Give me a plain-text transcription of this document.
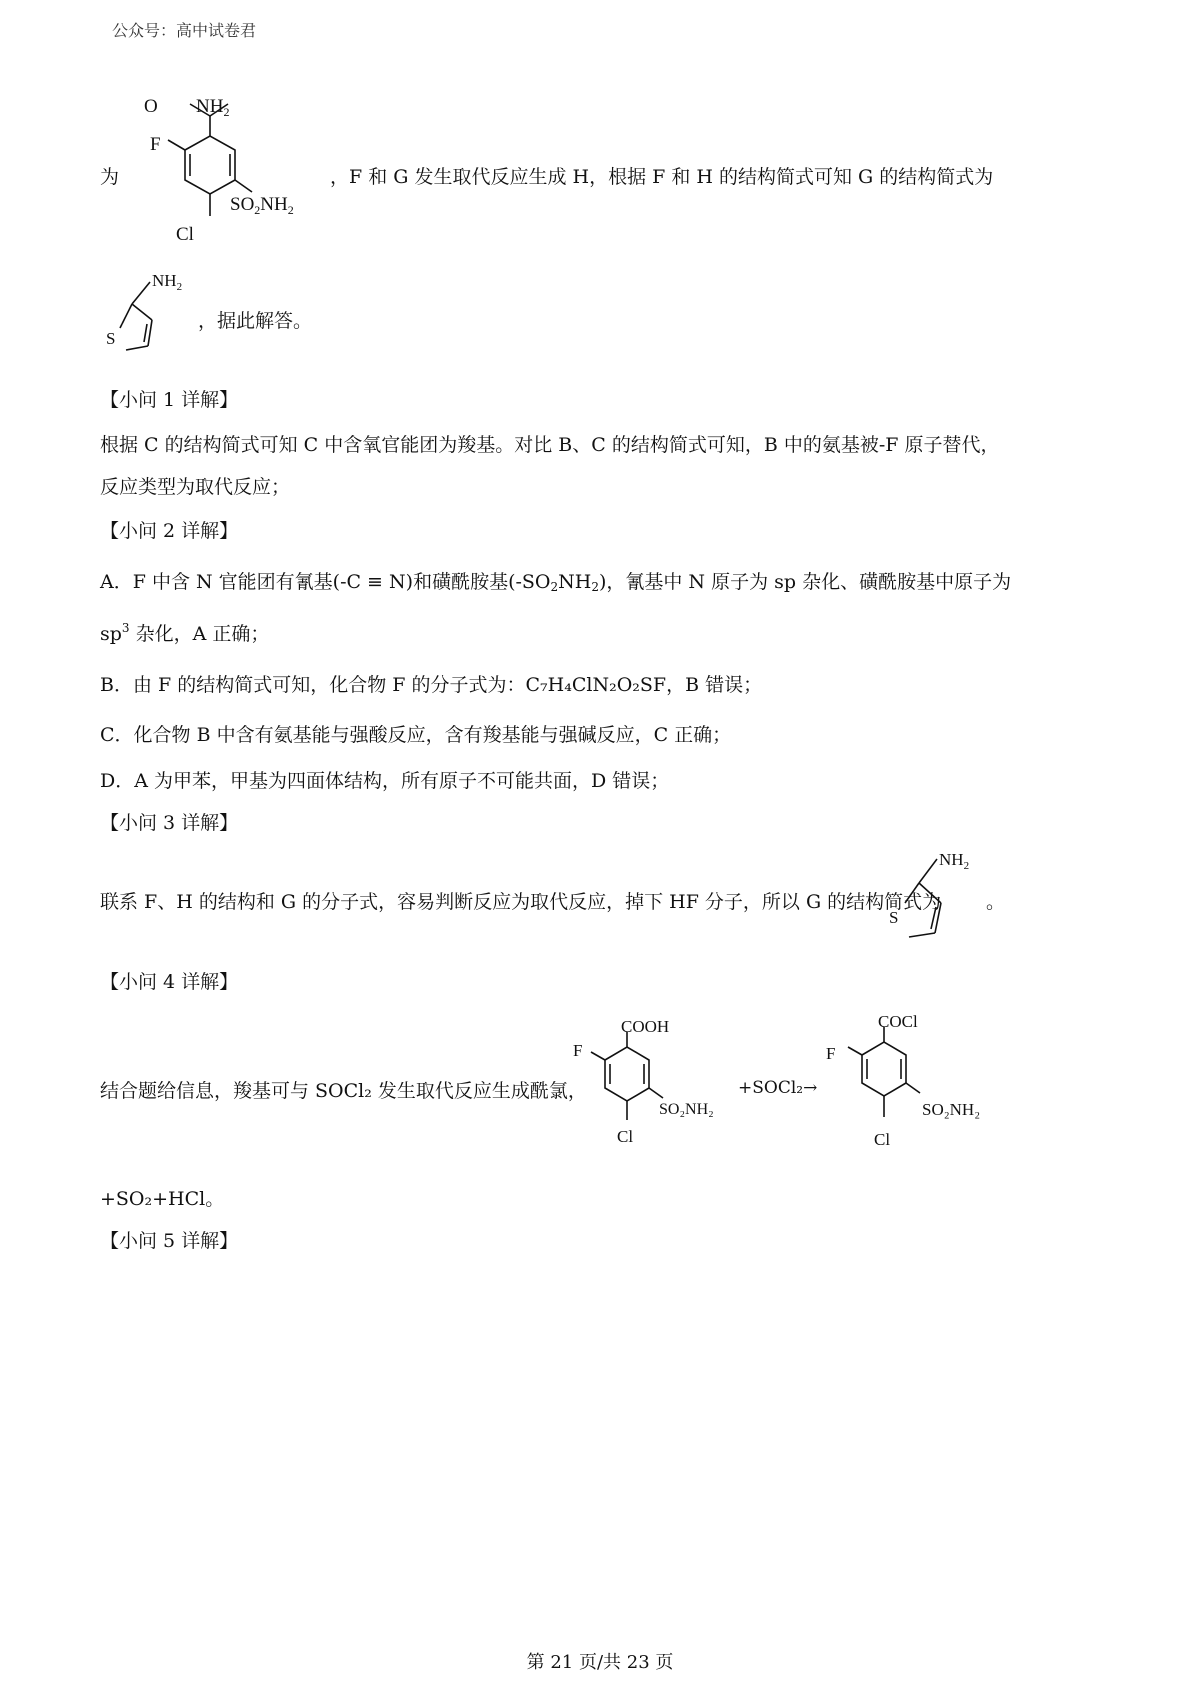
公众号：高中试卷君
为
O $NH_2$
F
$SO_2NH_2$
Cl
，F 和 G 发生取代反应生成 H，根据 F 和 H 的结构简式可知 G 的结构简式为
$NH_2$
S
，据此解答。
【小问 1 详解】
根据 C 的结构简式可知 C 中含氧官能团为羧基。对比 B、C 的结构简式可知，B 中的氨基被-F 原子替代，
反应类型为取代反应；
【小问 2 详解】
A．F 中含 N 官能团有氰基(-C ≡ N)和磺酰胺基$(-SO_2NH_2)$，氰基中 N 原子为 sp 杂化、磺酰胺基中原子为
$sp^3$ 杂化，A 正确；
B．由 F 的结构简式可知，化合物 F 的分子式为：C₇H₄ClN₂O₂SF，B 错误；
C．化合物 B 中含有氨基能与强酸反应，含有羧基能与强碱反应，C 正确；
D．A 为甲苯，甲基为四面体结构，所有原子不可能共面，D 错误；
【小问 3 详解】
联系 F、H 的结构和 G 的分子式，容易判断反应为取代反应，掉下 HF 分子，所以 G 的结构简式为
$NH_2$
S
。
【小问 4 详解】
结合题给信息，羧基可与 SOCl₂ 发生取代反应生成酰氯，
COOH
F
SO₂NH₂
Cl
+SOCl₂→
COCl
F
SO₂NH₂
Cl
+SO₂+HCl。
【小问 5 详解】
第 21 页/共 23 页
